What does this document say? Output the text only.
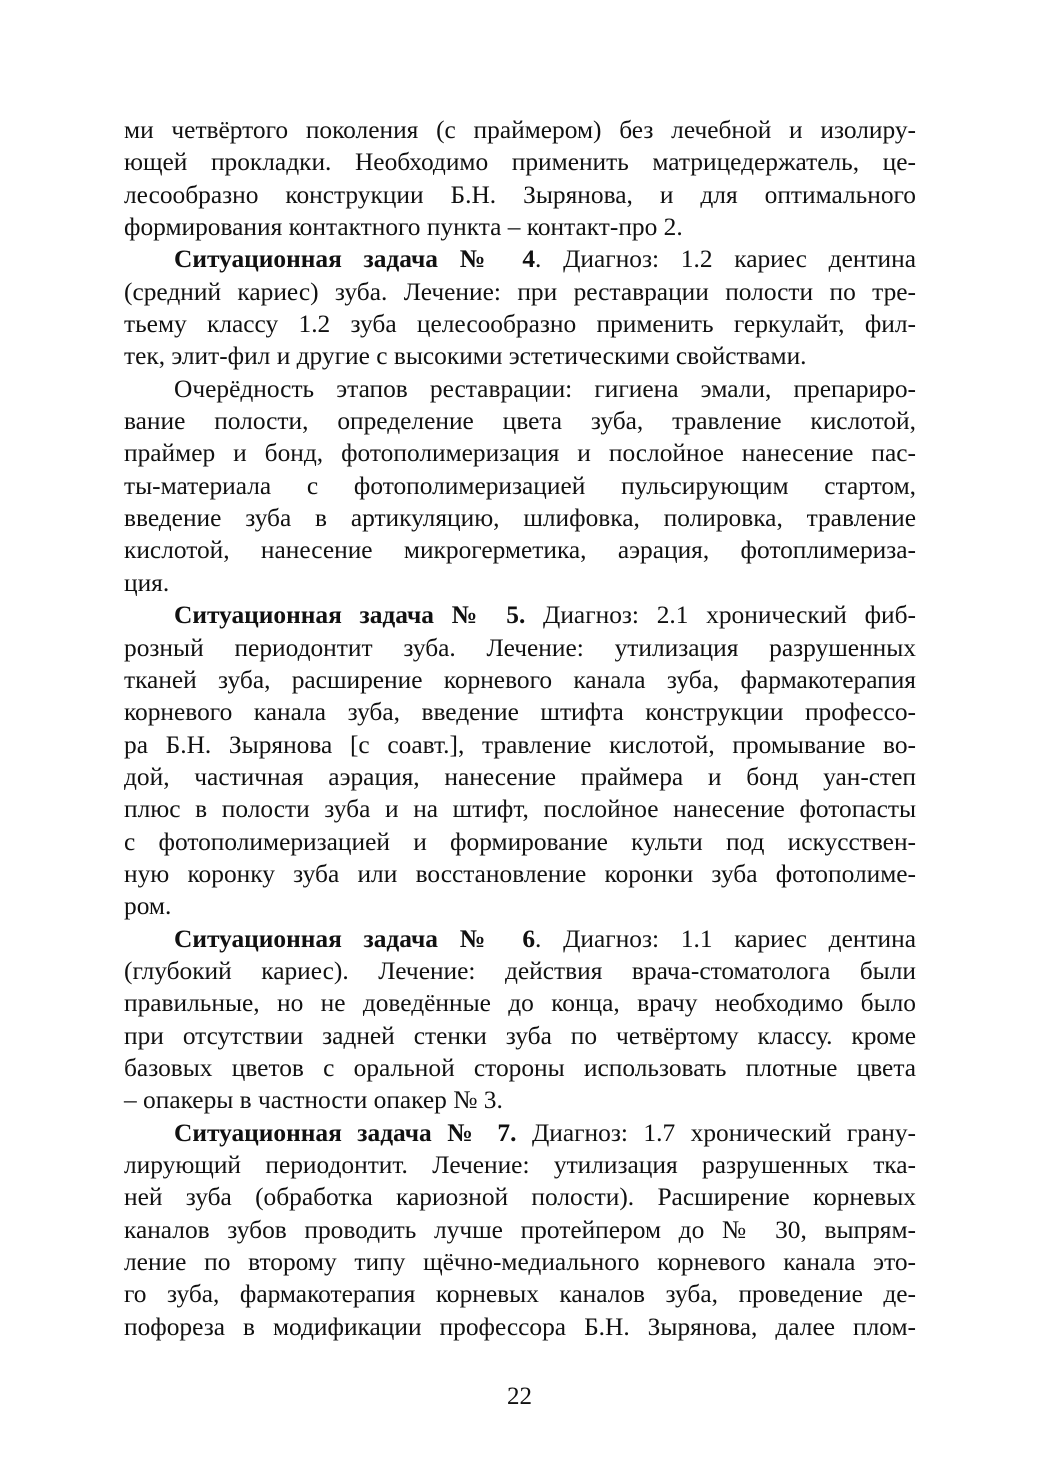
ми четвёртого поколения (с праймером) без лечебной и изолиру-
ющей прокладки. Необходимо применить матрицедержатель, це-
лесообразно конструкции Б.Н. Зырянова, и для оптимального
формирования контактного пункта – контакт-про 2.
Ситуационная задача № 4. Диагноз: 1.2 кариес дентина
(средний кариес) зуба. Лечение: при реставрации полости по тре-
тьему классу 1.2 зуба целесообразно применить геркулайт, фил-
тек, элит-фил и другие с высокими эстетическими свойствами.
Очерёдность этапов реставрации: гигиена эмали, препариро-
вание полости, определение цвета зуба, травление кислотой,
праймер и бонд, фотополимеризация и послойное нанесение пас-
ты-материала с фотополимеризацией пульсирующим стартом,
введение зуба в артикуляцию, шлифовка, полировка, травление
кислотой, нанесение микрогерметика, аэрация, фотоплимериза-
ция.
Ситуационная задача № 5. Диагноз: 2.1 хронический фиб-
розный периодонтит зуба. Лечение: утилизация разрушенных
тканей зуба, расширение корневого канала зуба, фармакотерапия
корневого канала зуба, введение штифта конструкции профессо-
ра Б.Н. Зырянова [с соавт.], травление кислотой, промывание во-
дой, частичная аэрация, нанесение праймера и бонд уан-степ
плюс в полости зуба и на штифт, послойное нанесение фотопасты
с фотополимеризацией и формирование культи под искусствен-
ную коронку зуба или восстановление коронки зуба фотополиме-
ром.
Ситуационная задача № 6. Диагноз: 1.1 кариес дентина
(глубокий кариес). Лечение: действия врача-стоматолога были
правильные, но не доведённые до конца, врачу необходимо было
при отсутствии задней стенки зуба по четвёртому классу. кроме
базовых цветов с оральной стороны использовать плотные цвета
– опакеры в частности опакер № 3.
Ситуационная задача № 7. Диагноз: 1.7 хронический грану-
лирующий периодонтит. Лечение: утилизация разрушенных тка-
ней зуба (обработка кариозной полости). Расширение корневых
каналов зубов проводить лучше протейпером до № 30, выпрям-
ление по второму типу щёчно-медиального корневого канала это-
го зуба, фармакотерапия корневых каналов зуба, проведение де-
пофореза в модификации профессора Б.Н. Зырянова, далее плом-
22
